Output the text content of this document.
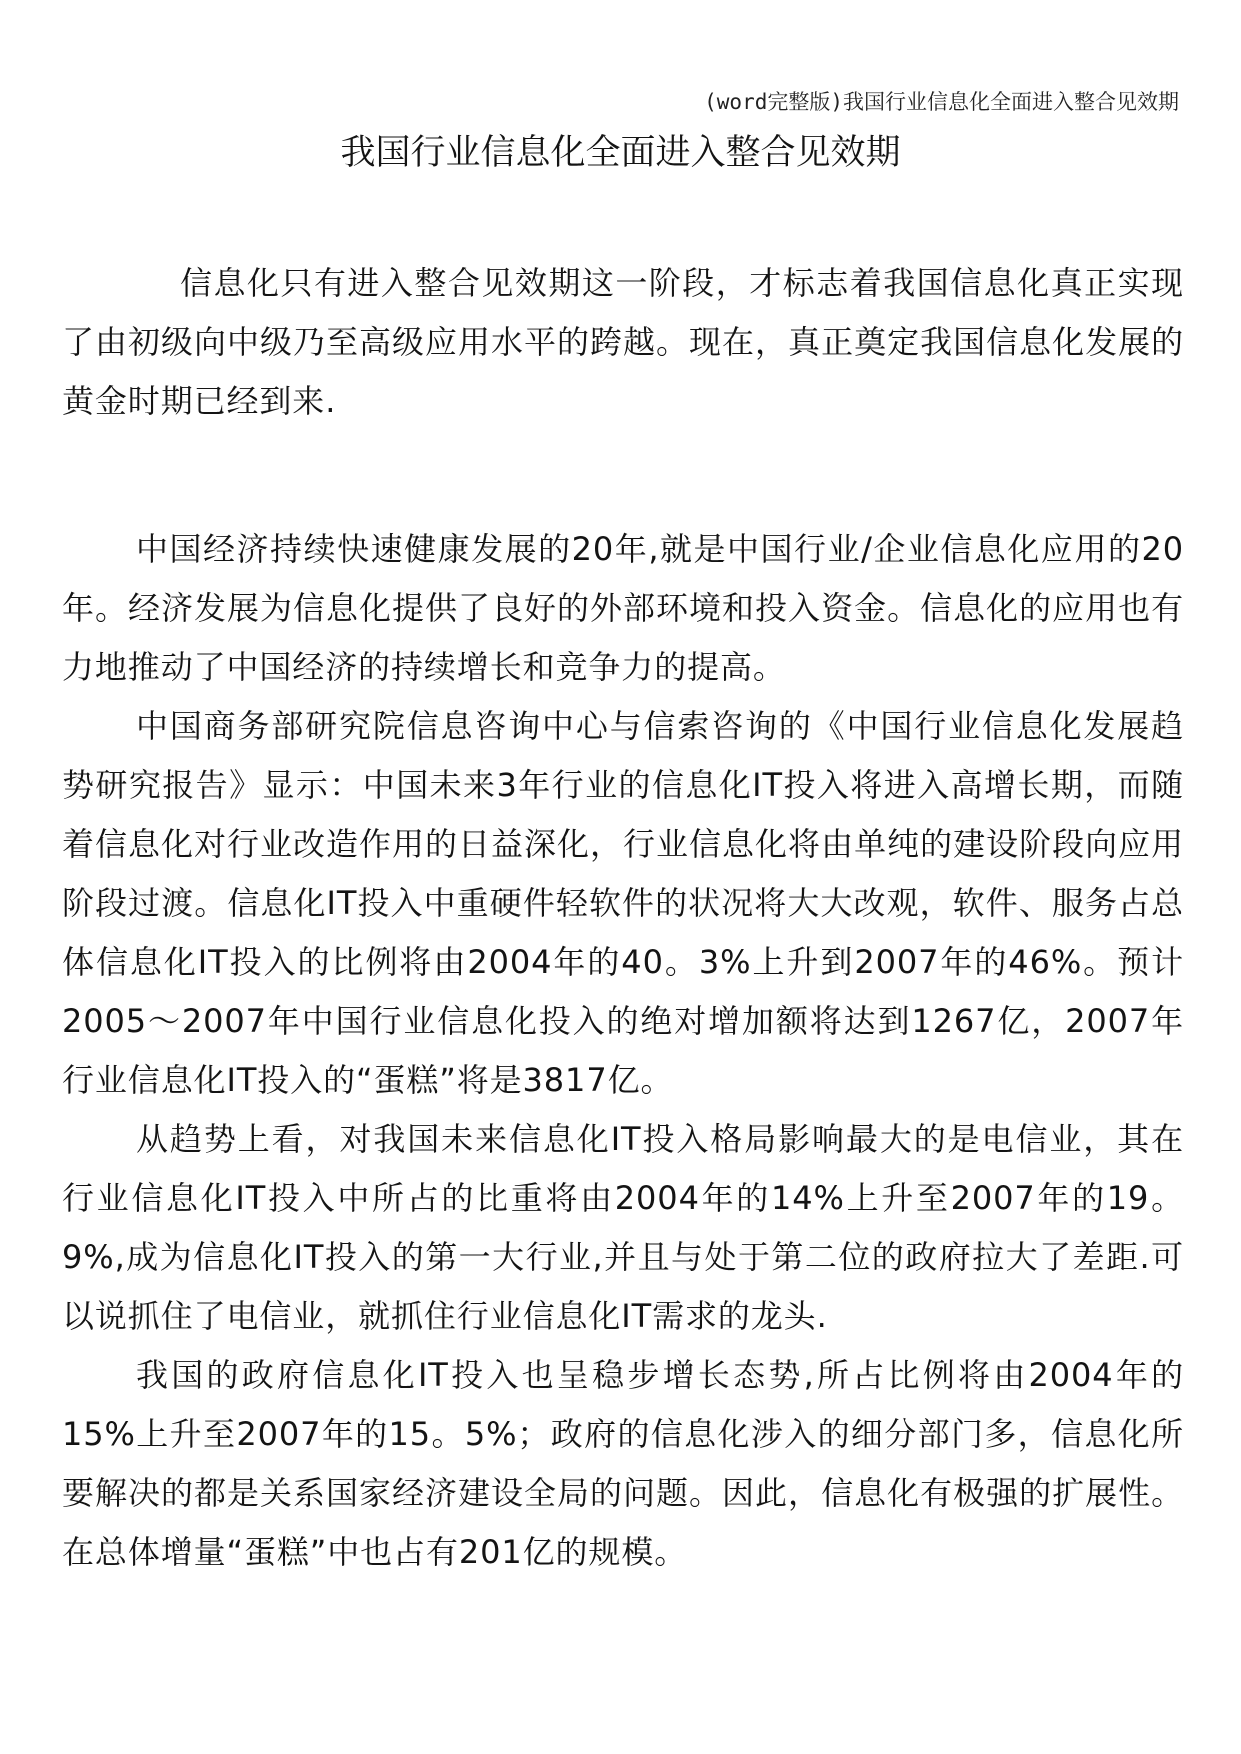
(word完整版)我国行业信息化全面进入整合见效期
我国行业信息化全面进入整合见效期

信息化只有进入整合见效期这一阶段，才标志着我国信息化真正实现了由初级向中级乃至高级应用水平的跨越。现在，真正奠定我国信息化发展的黄金时期已经到来.

中国经济持续快速健康发展的20年,就是中国行业/企业信息化应用的20年。经济发展为信息化提供了良好的外部环境和投入资金。信息化的应用也有力地推动了中国经济的持续增长和竞争力的提高。

中国商务部研究院信息咨询中心与信索咨询的《中国行业信息化发展趋势研究报告》显示：中国未来3年行业的信息化IT投入将进入高增长期，而随着信息化对行业改造作用的日益深化，行业信息化将由单纯的建设阶段向应用阶段过渡。信息化IT投入中重硬件轻软件的状况将大大改观，软件、服务占总体信息化IT投入的比例将由2004年的40。3%上升到2007年的46%。预计2005～2007年中国行业信息化投入的绝对增加额将达到1267亿，2007年行业信息化IT投入的“蛋糕”将是3817亿。

从趋势上看，对我国未来信息化IT投入格局影响最大的是电信业，其在行业信息化IT投入中所占的比重将由2004年的14%上升至2007年的19。9%,成为信息化IT投入的第一大行业,并且与处于第二位的政府拉大了差距.可以说抓住了电信业，就抓住行业信息化IT需求的龙头.

我国的政府信息化IT投入也呈稳步增长态势,所占比例将由2004年的15%上升至2007年的15。5%；政府的信息化涉入的细分部门多，信息化所要解决的都是关系国家经济建设全局的问题。因此，信息化有极强的扩展性。在总体增量“蛋糕”中也占有201亿的规模。
